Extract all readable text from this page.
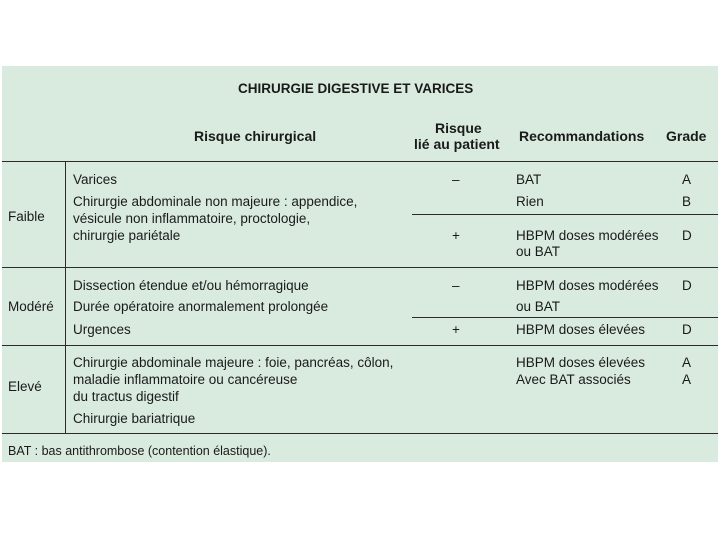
CHIRURGIE DIGESTIVE ET VARICES
Risque chirurgical	Risque
lié au patient Recommandations Grade
Faible
Varices
Chirurgie abdominale non majeure : appendice,
vésicule non inflammatoire, proctologie,
chirurgie pariétale
–
+
BAT
Rien
HBPM doses modérées
ou BAT
A
B
D
Modéré
Dissection étendue et/ou hémorragique
Durée opératoire anormalement prolongée
Urgences
–
+
HBPM doses modérées
ou BAT
HBPM doses élevées
D
D
Elevé
Chirurgie abdominale majeure : foie, pancréas, côlon,
maladie inflammatoire ou cancéreuse
du tractus digestif
Chirurgie bariatrique
HBPM doses élevées
Avec BAT associés
A
A
BAT : bas antithrombose (contention élastique).
